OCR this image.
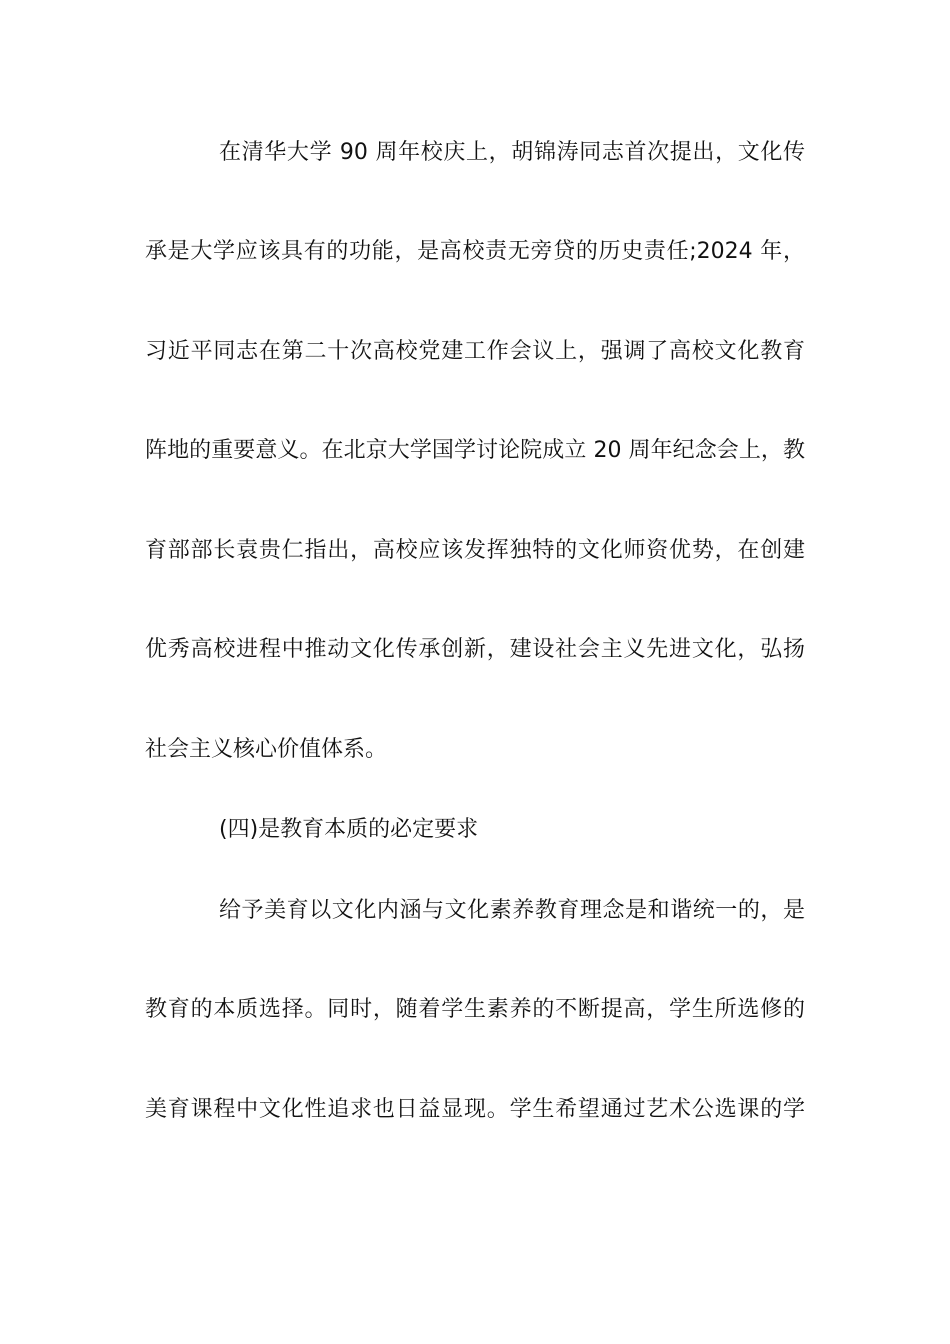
在清华大学 90 周年校庆上，胡锦涛同志首次提出，文化传
承是大学应该具有的功能，是高校责无旁贷的历史责任;2024 年，
习近平同志在第二十次高校党建工作会议上，强调了高校文化教育
阵地的重要意义。在北京大学国学讨论院成立 20 周年纪念会上，教
育部部长袁贵仁指出，高校应该发挥独特的文化师资优势，在创建
优秀高校进程中推动文化传承创新，建设社会主义先进文化，弘扬
社会主义核心价值体系。
(四)是教育本质的必定要求
给予美育以文化内涵与文化素养教育理念是和谐统一的，是
教育的本质选择。同时，随着学生素养的不断提高，学生所选修的
美育课程中文化性追求也日益显现。学生希望通过艺术公选课的学
